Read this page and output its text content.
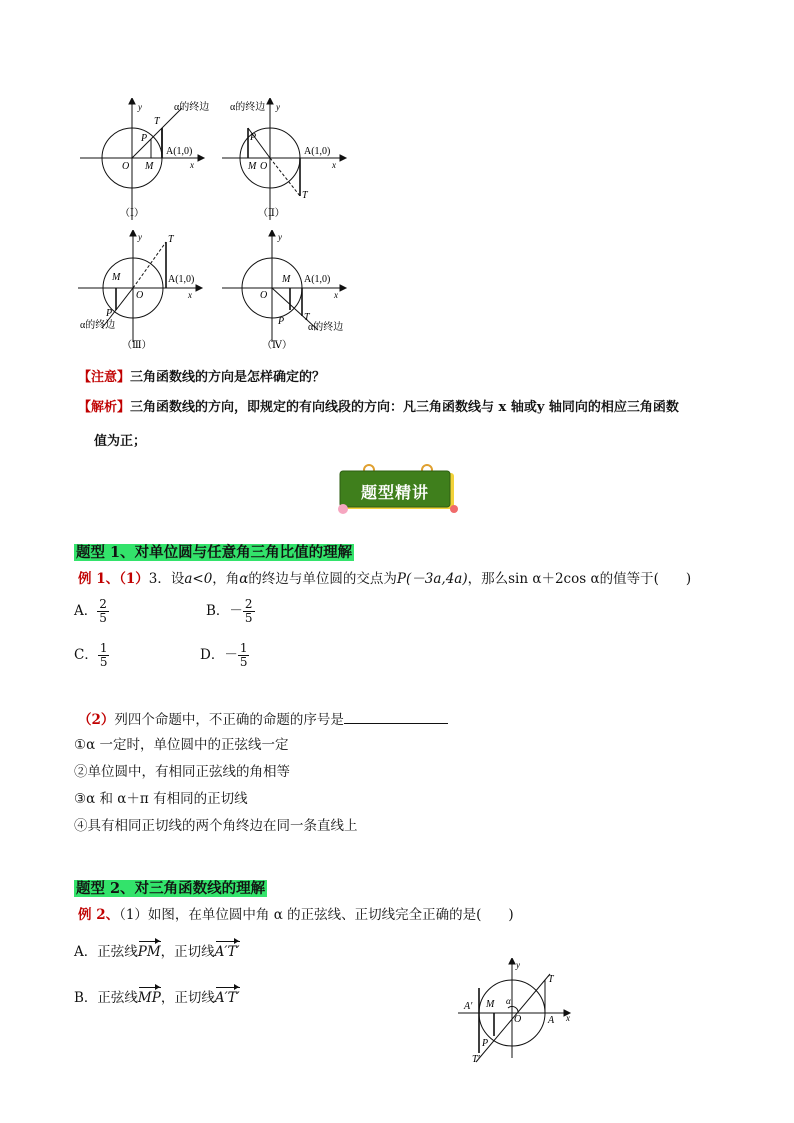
y	α的终边
T
P
A(1,0)
x
O M
（Ⅰ）
α的终边 y
P
A(1,0)
x
M O
T
（Ⅱ）
y	T
M	A(1,0)
x
O
P
α的终边
（Ⅲ）
y
M A(1,0)
O	x
T
P
α的终边
（Ⅳ）
【注意】三角函数线的方向是怎样确定的？
【解析】三角函数线的方向，即规定的有向线段的方向：凡三角函数线与 x 轴或y 轴同向的相应三角函数
值为正；
题型精讲
题型 1、对单位圆与任意角三角比值的理解
例 1、（1）3．设a<0，角α的终边与单位圆的交点为P(－3a,4a)，那么sin α＋2cos α的值等于(　　)
A． $\frac{2}{5}$	B．－ $\frac{2}{5}$
C． $\frac{1}{5}$	D．－ $\frac{1}{5}$
（2）列四个命题中，不正确的命题的序号是
①α 一定时，单位圆中的正弦线一定
②单位圆中，有相同正弦线的角相等
③α 和 α＋π 有相同的正切线
④具有相同正切线的两个角终边在同一条直线上
题型 2、对三角函数线的理解
例 2、（1）如图，在单位圆中角 α 的正弦线、正切线完全正确的是(　　)
A．正弦线PM，正切线A′T′
B．正弦线MP，正切线A′T′
y
T
A′ M α
O	A x
P
T′
